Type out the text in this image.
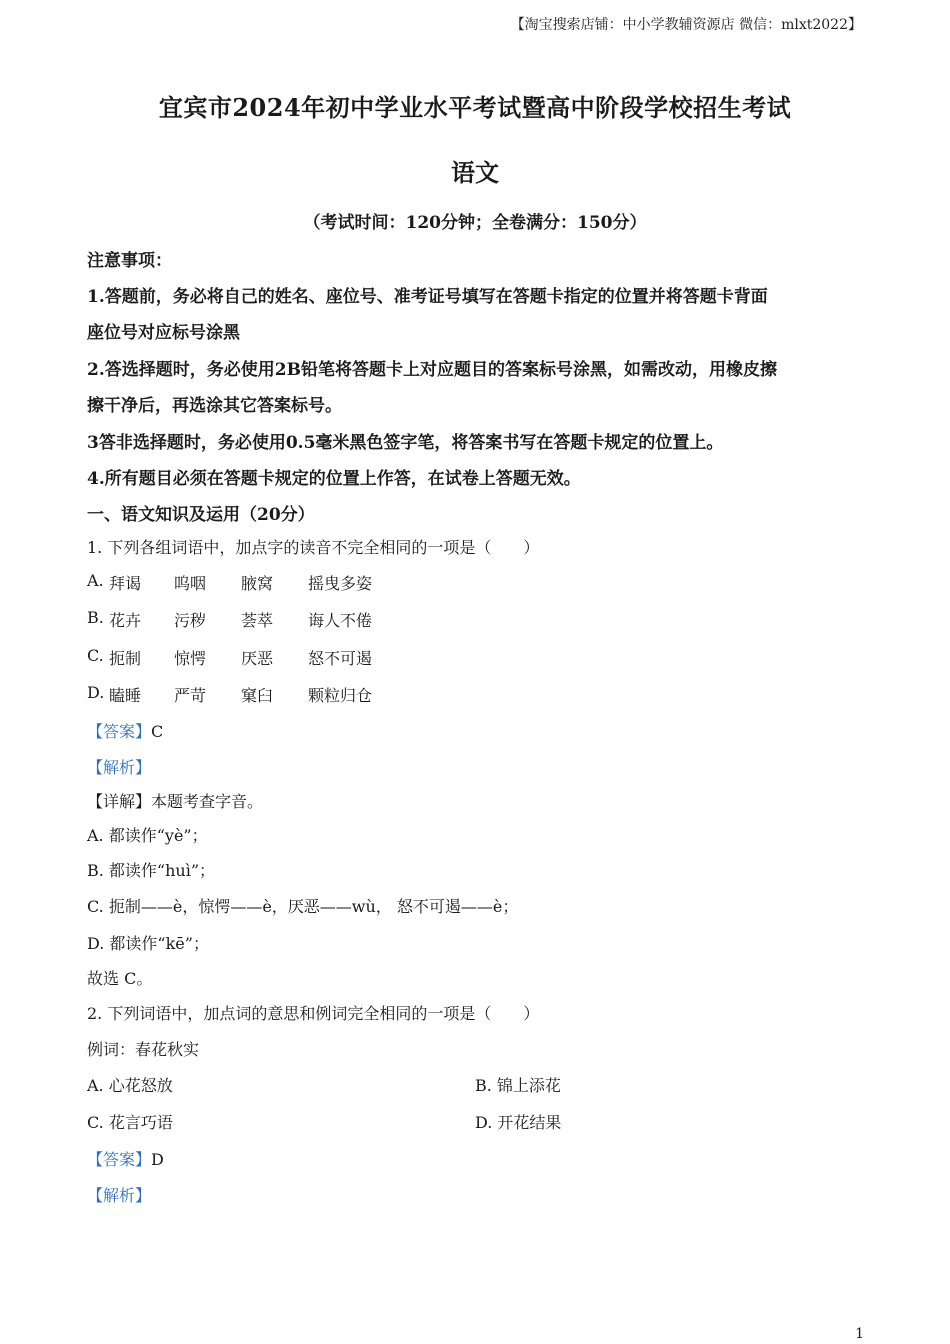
【淘宝搜索店铺：中小学教辅资源店 微信：mlxt2022】
宜宾市2024年初中学业水平考试暨高中阶段学校招生考试
语文
（考试时间：120分钟；全卷满分：150分）
注意事项：
1.答题前，务必将自己的姓名、座位号、准考证号填写在答题卡指定的位置并将答题卡背面
座位号对应标号涂黑
2.答选择题时，务必使用2B铅笔将答题卡上对应题目的答案标号涂黑，如需改动，用橡皮擦
擦干净后，再选涂其它答案标号。
3答非选择题时，务必使用0.5毫米黑色签字笔，将答案书写在答题卡规定的位置上。
4.所有题目必须在答题卡规定的位置上作答，在试卷上答题无效。
一、语文知识及运用（20分）
1. 下列各组词语中，加点字的读音不完全相同的一项是（　　）
A. 拜谒 呜咽 腋窝 摇曳多姿
B. 花卉 污秽 荟萃 诲人不倦
C. 扼制 惊愕 厌恶 怒不可遏
D. 瞌睡 严苛 窠臼 颗粒归仓
【答案】C
【解析】
【详解】本题考查字音。
A. 都读作“yè”；
B. 都读作“huì”；
C. 扼制——è，惊愕——è，厌恶——wù， 怒不可遏——è；
D. 都读作“kē”；
故选 C。
2. 下列词语中，加点词的意思和例词完全相同的一项是（　　）
例词：春花秋实
A. 心花怒放	B. 锦上添花
C. 花言巧语	D. 开花结果
【答案】D
【解析】
1
